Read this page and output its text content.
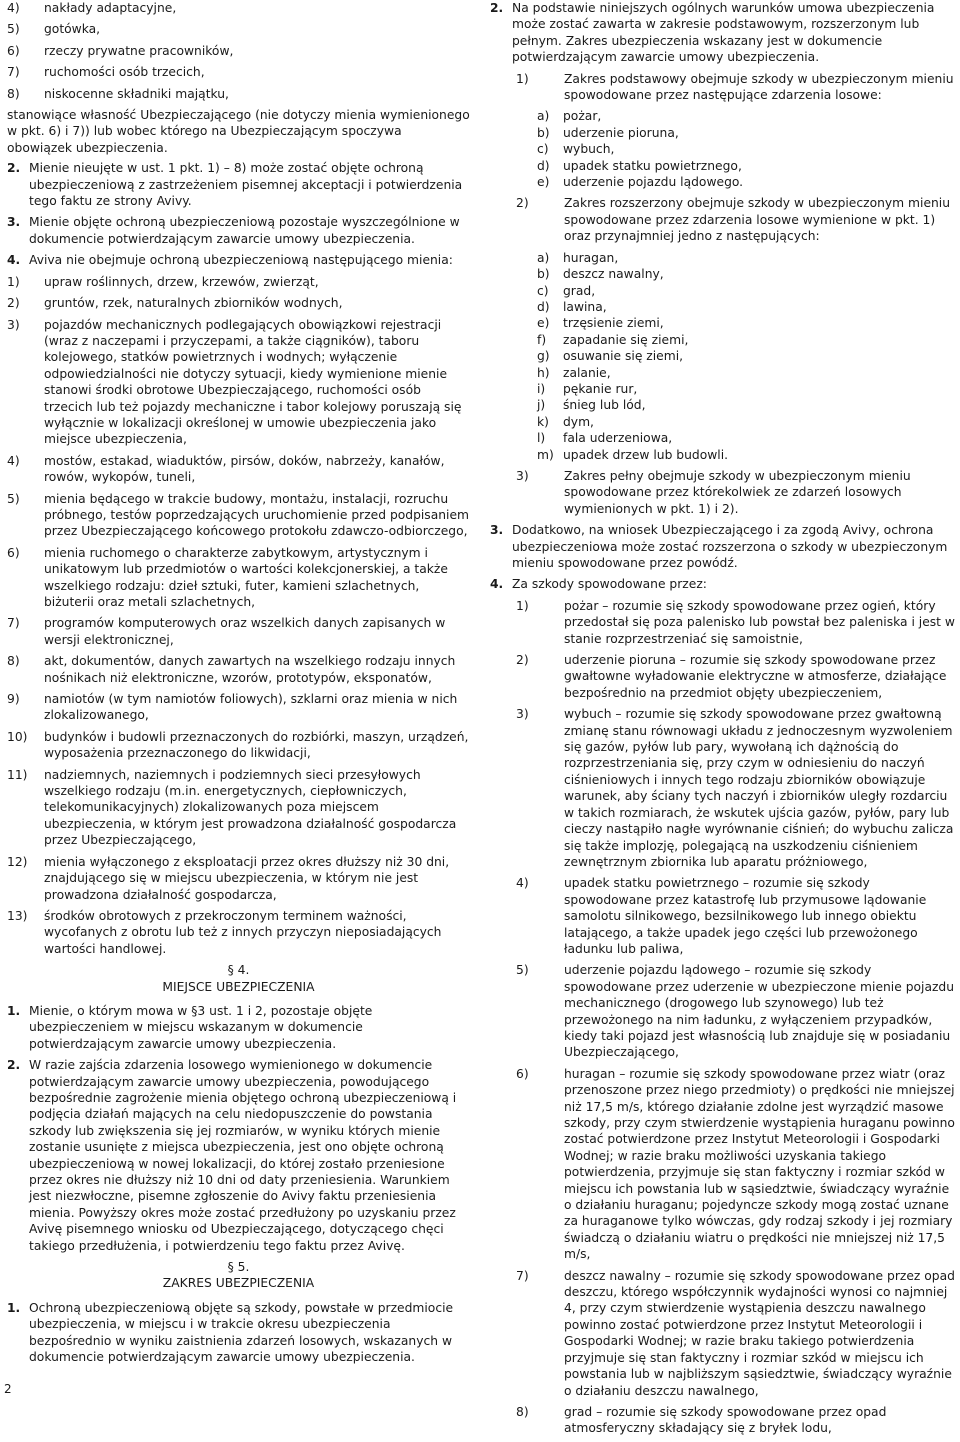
4)	nakłady adaptacyjne,
5)	gotówka,
6)	rzeczy prywatne pracowników,
7)	ruchomości osób trzecich,
8)	niskocenne składniki majątku,

stanowiące własność Ubezpieczającego (nie dotyczy mienia wymienionego w pkt. 6) i 7)) lub wobec którego na Ubezpieczającym spoczywa obowiązek ubezpieczenia.

2. Mienie nieujęte w ust. 1 pkt. 1) – 8) może zostać objęte ochroną ubezpieczeniową z zastrzeżeniem pisemnej akceptacji i potwierdzenia tego faktu ze strony Avivy.
3. Mienie objęte ochroną ubezpieczeniową pozostaje wyszczególnione w dokumencie potwierdzającym zawarcie umowy ubezpieczenia.
4. Aviva nie obejmuje ochroną ubezpieczeniową następującego mienia:
1)	upraw roślinnych, drzew, krzewów, zwierząt,
2)	gruntów, rzek, naturalnych zbiorników wodnych,
3)	pojazdów mechanicznych podlegających obowiązkowi rejestracji (wraz z naczepami i przyczepami, a także ciągników), taboru kolejowego, statków powietrznych i wodnych; wyłączenie odpowiedzialności nie dotyczy sytuacji, kiedy wymienione mienie stanowi środki obrotowe Ubezpieczającego, ruchomości osób trzecich lub też pojazdy mechaniczne i tabor kolejowy poruszają się wyłącznie w lokalizacji określonej w umowie ubezpieczenia jako miejsce ubezpieczenia,
4)	mostów, estakad, wiaduktów, pirsów, doków, nabrzeży, kanałów, rowów, wykopów, tuneli,
5)	mienia będącego w trakcie budowy, montażu, instalacji, rozruchu próbnego, testów poprzedzających uruchomienie przed podpisaniem przez Ubezpieczającego końcowego protokołu zdawczo-odbiorczego,
6)	mienia ruchomego o charakterze zabytkowym, artystycznym i unikatowym lub przedmiotów o wartości kolekcjonerskiej, a także wszelkiego rodzaju: dzieł sztuki, futer, kamieni szlachetnych, biżuterii oraz metali szlachetnych,
7)	programów komputerowych oraz wszelkich danych zapisanych w wersji elektronicznej,
8)	akt, dokumentów, danych zawartych na wszelkiego rodzaju innych nośnikach niż elektroniczne, wzorów, prototypów, eksponatów,
9)	namiotów (w tym namiotów foliowych), szklarni oraz mienia w nich zlokalizowanego,
10)	budynków i budowli przeznaczonych do rozbiórki, maszyn, urządzeń, wyposażenia przeznaczonego do likwidacji,
11)	nadziemnych, naziemnych i podziemnych sieci przesyłowych wszelkiego rodzaju (m.in. energetycznych, ciepłowniczych, telekomunikacyjnych) zlokalizowanych poza miejscem ubezpieczenia, w którym jest prowadzona działalność gospodarcza przez Ubezpieczającego,
12)	mienia wyłączonego z eksploatacji przez okres dłuższy niż 30 dni, znajdującego się w miejscu ubezpieczenia, w którym nie jest prowadzona działalność gospodarcza,
13)	środków obrotowych z przekroczonym terminem ważności, wycofanych z obrotu lub też z innych przyczyn nieposiadających wartości handlowej.
§ 4.
MIEJSCE UBEZPIECZENIA
1. Mienie, o którym mowa w §3 ust. 1 i 2, pozostaje objęte ubezpieczeniem w miejscu wskazanym w dokumencie potwierdzającym zawarcie umowy ubezpieczenia.
2. W razie zajścia zdarzenia losowego wymienionego w dokumencie potwierdzającym zawarcie umowy ubezpieczenia, powodującego bezpośrednie zagrożenie mienia objętego ochroną ubezpieczeniową i podjęcia działań mających na celu niedopuszczenie do powstania szkody lub zwiększenia się jej rozmiarów, w wyniku których mienie zostanie usunięte z miejsca ubezpieczenia, jest ono objęte ochroną ubezpieczeniową w nowej lokalizacji, do której zostało przeniesione przez okres nie dłuższy niż 10 dni od daty przeniesienia. Warunkiem jest niezwłoczne, pisemne zgłoszenie do Avivy faktu przeniesienia mienia. Powyższy okres może zostać przedłużony po uzyskaniu przez Avivę pisemnego wniosku od Ubezpieczającego, dotyczącego chęci takiego przedłużenia, i potwierdzeniu tego faktu przez Avivę.
§ 5.
ZAKRES UBEZPIECZENIA
1. Ochroną ubezpieczeniową objęte są szkody, powstałe w przedmiocie ubezpieczenia, w miejscu i w trakcie okresu ubezpieczenia bezpośrednio w wyniku zaistnienia zdarzeń losowych, wskazanych w dokumencie potwierdzającym zawarcie umowy ubezpieczenia.
2. Na podstawie niniejszych ogólnych warunków umowa ubezpieczenia może zostać zawarta w zakresie podstawowym, rozszerzonym lub pełnym. Zakres ubezpieczenia wskazany jest w dokumencie potwierdzającym zawarcie umowy ubezpieczenia.
1)	Zakres podstawowy obejmuje szkody w ubezpieczonym mieniu spowodowane przez następujące zdarzenia losowe:
a)	pożar,
b)	uderzenie pioruna,
c)	wybuch,
d)	upadek statku powietrznego,
e)	uderzenie pojazdu lądowego.
2)	Zakres rozszerzony obejmuje szkody w ubezpieczonym mieniu spowodowane przez zdarzenia losowe wymienione w pkt. 1) oraz przynajmniej jedno z następujących:
a)	huragan,
b)	deszcz nawalny,
c)	grad,
d)	lawina,
e)	trzęsienie ziemi,
f)	zapadanie się ziemi,
g)	osuwanie się ziemi,
h)	zalanie,
i)	pękanie rur,
j)	śnieg lub lód,
k)	dym,
l)	fala uderzeniowa,
m) upadek drzew lub budowli.
3)	Zakres pełny obejmuje szkody w ubezpieczonym mieniu spowodowane przez którekolwiek ze zdarzeń losowych wymienionych w pkt. 1) i 2).
3. Dodatkowo, na wniosek Ubezpieczającego i za zgodą Avivy, ochrona ubezpieczeniowa może zostać rozszerzona o szkody w ubezpieczonym mieniu spowodowane przez powódź.
4. Za szkody spowodowane przez:
1)	pożar – rozumie się szkody spowodowane przez ogień, który przedostał się poza palenisko lub powstał bez paleniska i jest w stanie rozprzestrzeniać się samoistnie,
2)	uderzenie pioruna – rozumie się szkody spowodowane przez gwałtowne wyładowanie elektryczne w atmosferze, działające bezpośrednio na przedmiot objęty ubezpieczeniem,
3)	wybuch – rozumie się szkody spowodowane przez gwałtowną zmianę stanu równowagi układu z jednoczesnym wyzwoleniem się gazów, pyłów lub pary, wywołaną ich dążnością do rozprzestrzeniania się, przy czym w odniesieniu do naczyń ciśnieniowych i innych tego rodzaju zbiorników obowiązuje warunek, aby ściany tych naczyń i zbiorników uległy rozdarciu w takich rozmiarach, że wskutek ujścia gazów, pyłów, pary lub cieczy nastąpiło nagłe wyrównanie ciśnień; do wybuchu zalicza się także implozję, polegającą na uszkodzeniu ciśnieniem zewnętrznym zbiornika lub aparatu próżniowego,
4)	upadek statku powietrznego – rozumie się szkody spowodowane przez katastrofę lub przymusowe lądowanie samolotu silnikowego, bezsilnikowego lub innego obiektu latającego, a także upadek jego części lub przewożonego ładunku lub paliwa,
5)	uderzenie pojazdu lądowego – rozumie się szkody spowodowane przez uderzenie w ubezpieczone mienie pojazdu mechanicznego (drogowego lub szynowego) lub też przewożonego na nim ładunku, z wyłączeniem przypadków, kiedy taki pojazd jest własnością lub znajduje się w posiadaniu Ubezpieczającego,
6)	huragan – rozumie się szkody spowodowane przez wiatr (oraz przenoszone przez niego przedmioty) o prędkości nie mniejszej niż 17,5 m/s, którego działanie zdolne jest wyrządzić masowe szkody, przy czym stwierdzenie wystąpienia huraganu powinno zostać potwierdzone przez Instytut Meteorologii i Gospodarki Wodnej; w razie braku możliwości uzyskania takiego potwierdzenia, przyjmuje się stan faktyczny i rozmiar szkód w miejscu ich powstania lub w sąsiedztwie, świadczący wyraźnie o działaniu huraganu; pojedyncze szkody mogą zostać uznane za huraganowe tylko wówczas, gdy rodzaj szkody i jej rozmiary świadczą o działaniu wiatru o prędkości nie mniejszej niż 17,5 m/s,
7)	deszcz nawalny – rozumie się szkody spowodowane przez opad deszczu, którego współczynnik wydajności wynosi co najmniej 4, przy czym stwierdzenie wystąpienia deszczu nawalnego powinno zostać potwierdzone przez Instytut Meteorologii i Gospodarki Wodnej; w razie braku takiego potwierdzenia przyjmuje się stan faktyczny i rozmiar szkód w miejscu ich powstania lub w najbliższym sąsiedztwie, świadczący wyraźnie o działaniu deszczu nawalnego,
8)	grad – rozumie się szkody spowodowane przez opad atmosferyczny składający się z bryłek lodu,
2
